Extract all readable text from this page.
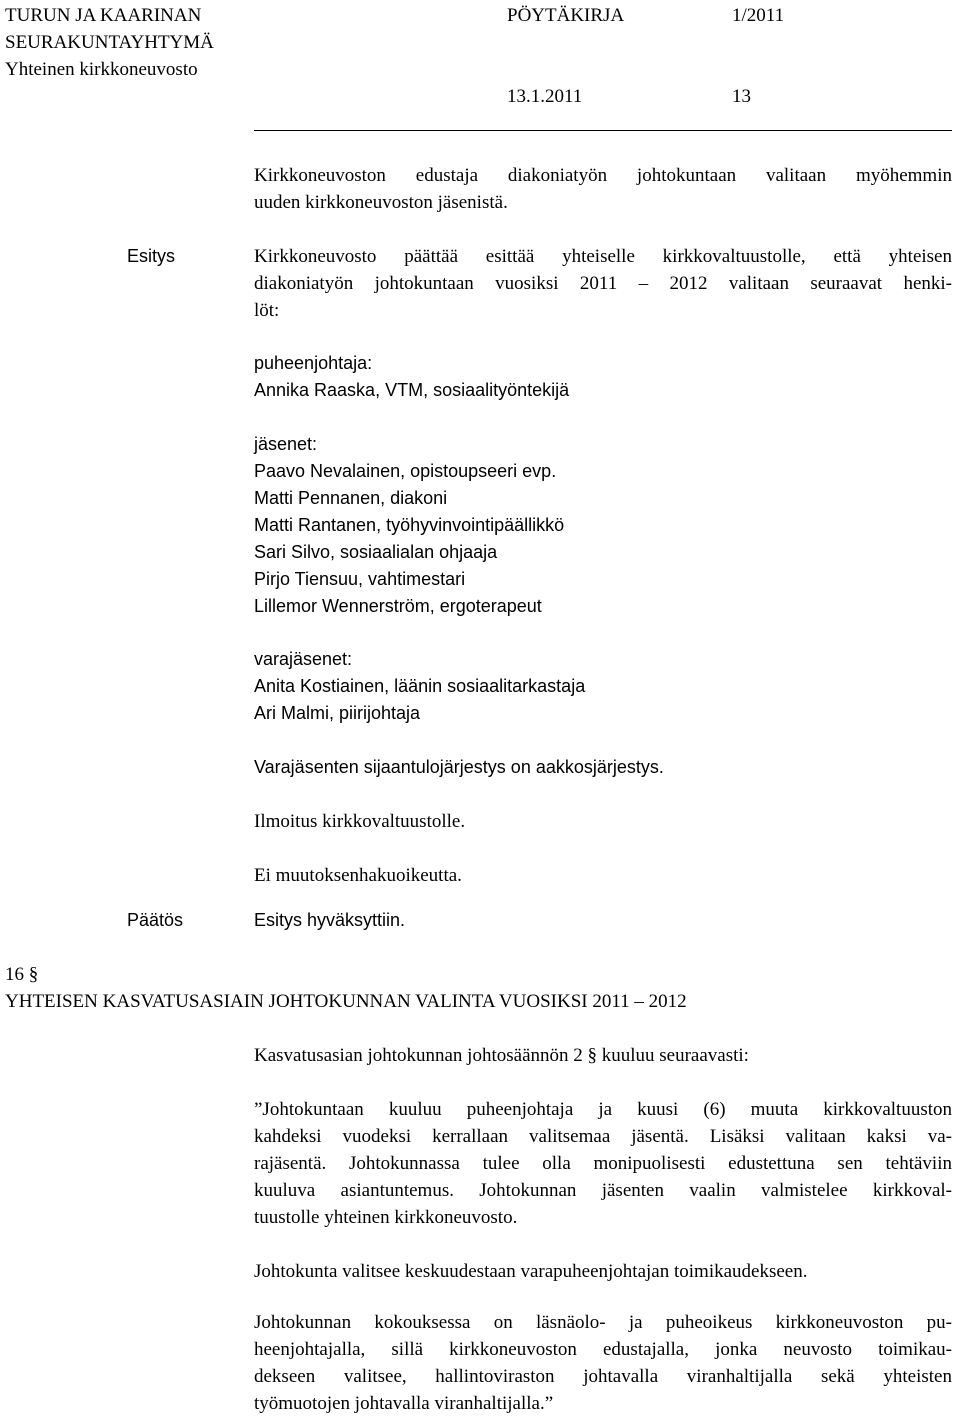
TURUN JA KAARINAN
SEURAKUNTAYHTYMÄ
Yhteinen kirkkoneuvosto
PÖYTÄKIRJA	1/2011
13.1.2011	13
Kirkkoneuvoston edustaja diakoniatyön johtokuntaan valitaan myöhemmin
uuden kirkkoneuvoston jäsenistä.
Esitys	Kirkkoneuvosto päättää esittää yhteiselle kirkkovaltuustolle, että yhteisen
diakoniatyön johtokuntaan vuosiksi 2011 – 2012 valitaan seuraavat henki-
löt:
puheenjohtaja:
Annika Raaska, VTM, sosiaalityöntekijä
jäsenet:
Paavo Nevalainen, opistoupseeri evp.
Matti Pennanen, diakoni
Matti Rantanen, työhyvinvointipäällikkö
Sari Silvo, sosiaalialan ohjaaja
Pirjo Tiensuu, vahtimestari
Lillemor Wennerström, ergoterapeut
varajäsenet:
Anita Kostiainen, läänin sosiaalitarkastaja
Ari Malmi, piirijohtaja
Varajäsenten sijaantulojärjestys on aakkosjärjestys.
Ilmoitus kirkkovaltuustolle.
Ei muutoksenhakuoikeutta.
Päätös	Esitys hyväksyttiin.
16 §
YHTEISEN KASVATUSASIAIN JOHTOKUNNAN VALINTA VUOSIKSI 2011 – 2012
Kasvatusasian johtokunnan johtosäännön 2 § kuuluu seuraavasti:
”Johtokuntaan kuuluu puheenjohtaja ja kuusi (6) muuta kirkkovaltuuston
kahdeksi vuodeksi kerrallaan valitsemaa jäsentä. Lisäksi valitaan kaksi va-
rajäsentä. Johtokunnassa tulee olla monipuolisesti edustettuna sen tehtäviin
kuuluva asiantuntemus. Johtokunnan jäsenten vaalin valmistelee kirkkoval-
tuustolle yhteinen kirkkoneuvosto.
Johtokunta valitsee keskuudestaan varapuheenjohtajan toimikaudekseen.
Johtokunnan kokouksessa on läsnäolo- ja puheoikeus kirkkoneuvoston pu-
heenjohtajalla, sillä kirkkoneuvoston edustajalla, jonka neuvosto toimikau-
dekseen valitsee, hallintoviraston johtavalla viranhaltijalla sekä yhteisten
työmuotojen johtavalla viranhaltijalla.”
